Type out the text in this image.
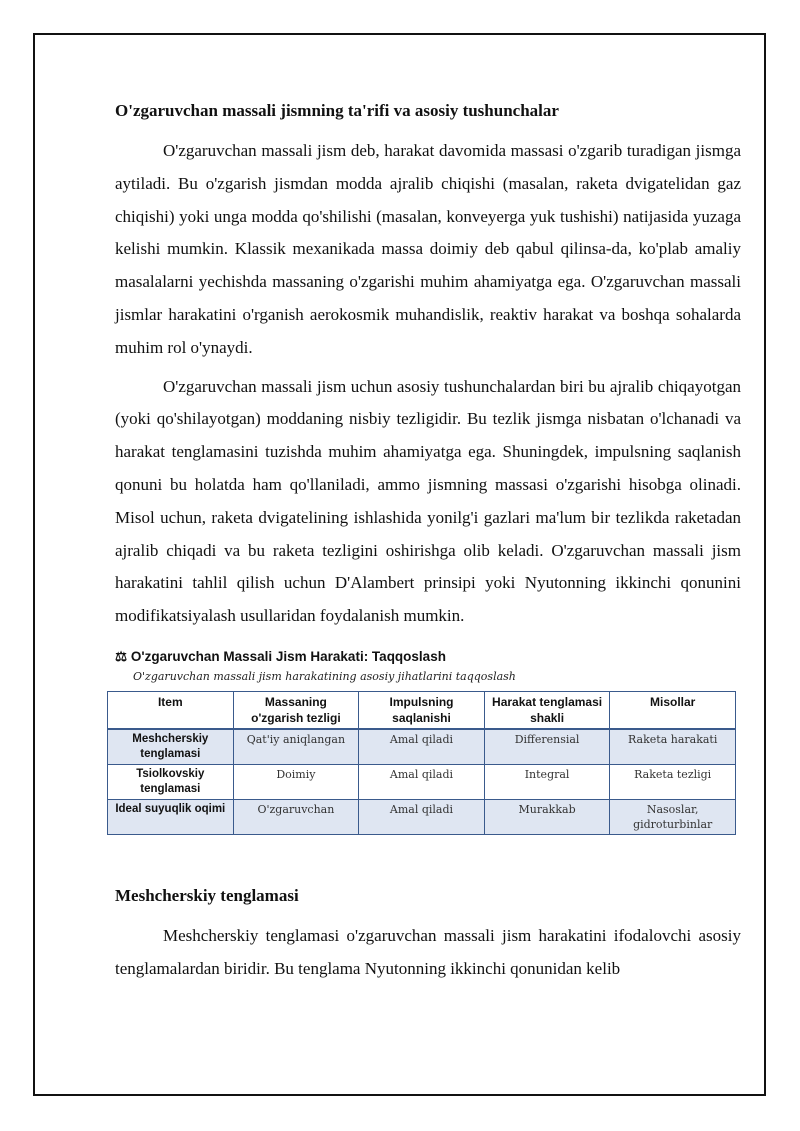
O'zgaruvchan massali jismning ta'rifi va asosiy tushunchalar

O'zgaruvchan massali jism deb, harakat davomida massasi o'zgarib turadigan jismga aytiladi. Bu o'zgarish jismdan modda ajralib chiqishi (masalan, raketa dvigatelidan gaz chiqishi) yoki unga modda qo'shilishi (masalan, konveyerga yuk tushishi) natijasida yuzaga kelishi mumkin. Klassik mexanikada massa doimiy deb qabul qilinsa-da, ko'plab amaliy masalalarni yechishda massaning o'zgarishi muhim ahamiyatga ega. O'zgaruvchan massali jismlar harakatini o'rganish aerokosmik muhandislik, reaktiv harakat va boshqa sohalarda muhim rol o'ynaydi.

O'zgaruvchan massali jism uchun asosiy tushunchalardan biri bu ajralib chiqayotgan (yoki qo'shilayotgan) moddaning nisbiy tezligidir. Bu tezlik jismga nisbatan o'lchanadi va harakat tenglamasini tuzishda muhim ahamiyatga ega. Shuningdek, impulsning saqlanish qonuni bu holatda ham qo'llaniladi, ammo jismning massasi o'zgarishi hisobga olinadi. Misol uchun, raketa dvigatelining ishlashida yonilg'i gazlari ma'lum bir tezlikda raketadan ajralib chiqadi va bu raketa tezligini oshirishga olib keladi. O'zgaruvchan massali jism harakatini tahlil qilish uchun D'Alambert prinsipi yoki Nyutonning ikkinchi qonunini modifikatsiyalash usullaridan foydalanish mumkin.

⚖ O'zgaruvchan Massali Jism Harakati: Taqqoslash
O'zgaruvchan massali jism harakatining asosiy jihatlarini taqqoslash
Item	Massaning o'zgarish tezligi	Impulsning saqlanishi	Harakat tenglamasi shakli	Misollar
Meshcherskiy tenglamasi	Qat'iy aniqlangan	Amal qiladi	Differensial	Raketa harakati
Tsiolkovskiy tenglamasi	Doimiy	Amal qiladi	Integral	Raketa tezligi
Ideal suyuqlik oqimi	O'zgaruvchan	Amal qiladi	Murakkab	Nasoslar, gidroturbinlar
Meshcherskiy tenglamasi

Meshcherskiy tenglamasi o'zgaruvchan massali jism harakatini ifodalovchi asosiy tenglamalardan biridir. Bu tenglama Nyutonning ikkinchi qonunidan kelib
